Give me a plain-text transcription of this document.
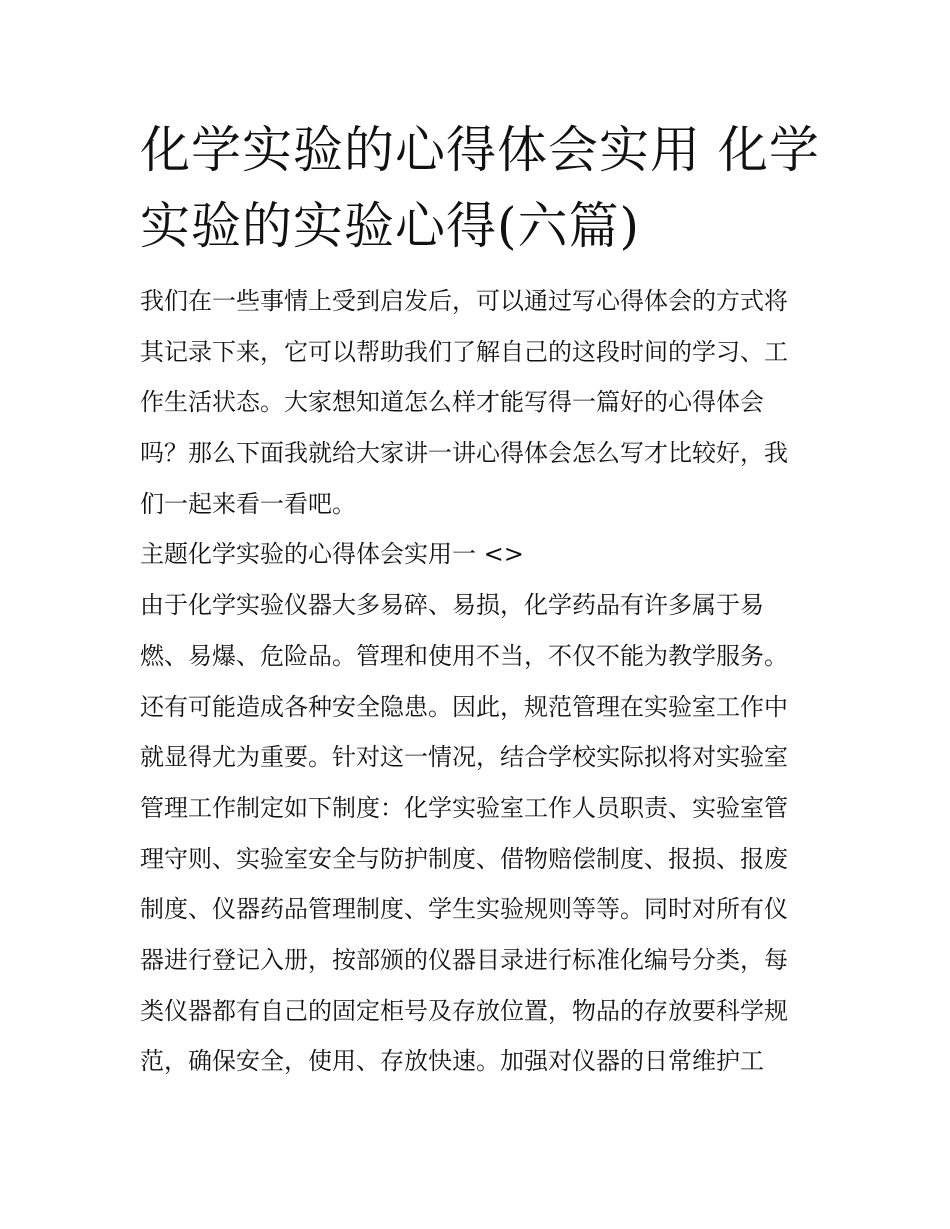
化学实验的心得体会实用 化学
实验的实验心得(六篇)
我们在一些事情上受到启发后，可以通过写心得体会的方式将
其记录下来，它可以帮助我们了解自己的这段时间的学习、工
作生活状态。大家想知道怎么样才能写得一篇好的心得体会
吗？那么下面我就给大家讲一讲心得体会怎么写才比较好，我
们一起来看一看吧。
主题化学实验的心得体会实用一 <>
由于化学实验仪器大多易碎、易损，化学药品有许多属于易
燃、易爆、危险品。管理和使用不当，不仅不能为教学服务。
还有可能造成各种安全隐患。因此，规范管理在实验室工作中
就显得尤为重要。针对这一情况，结合学校实际拟将对实验室
管理工作制定如下制度：化学实验室工作人员职责、实验室管
理守则、实验室安全与防护制度、借物赔偿制度、报损、报废
制度、仪器药品管理制度、学生实验规则等等。同时对所有仪
器进行登记入册，按部颁的仪器目录进行标准化编号分类，每
类仪器都有自己的固定柜号及存放位置，物品的存放要科学规
范，确保安全，使用、存放快速。加强对仪器的日常维护工
